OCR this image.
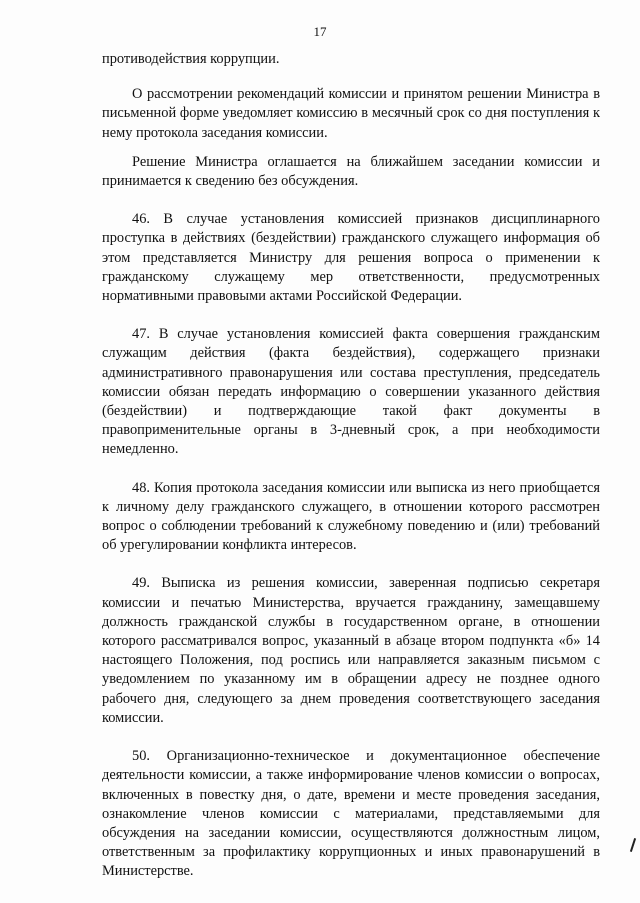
17

противодействия коррупции.

О рассмотрении рекомендаций комиссии и принятом решении Министра в письменной форме уведомляет комиссию в месячный срок со дня поступления к нему протокола заседания комиссии.

Решение Министра оглашается на ближайшем заседании комиссии и принимается к сведению без обсуждения.

46. В случае установления комиссией признаков дисциплинарного проступка в действиях (бездействии) гражданского служащего информация об этом представляется Министру для решения вопроса о применении к гражданскому служащему мер ответственности, предусмотренных нормативными правовыми актами Российской Федерации.

47. В случае установления комиссией факта совершения гражданским служащим действия (факта бездействия), содержащего признаки административного правонарушения или состава преступления, председатель комиссии обязан передать информацию о совершении указанного действия (бездействии) и подтверждающие такой факт документы в правоприменительные органы в 3-дневный срок, а при необходимости немедленно.

48. Копия протокола заседания комиссии или выписка из него приобщается к личному делу гражданского служащего, в отношении которого рассмотрен вопрос о соблюдении требований к служебному поведению и (или) требований об урегулировании конфликта интересов.

49. Выписка из решения комиссии, заверенная подписью секретаря комиссии и печатью Министерства, вручается гражданину, замещавшему должность гражданской службы в государственном органе, в отношении которого рассматривался вопрос, указанный в абзаце втором подпункта «б» 14 настоящего Положения, под роспись или направляется заказным письмом с уведомлением по указанному им в обращении адресу не позднее одного рабочего дня, следующего за днем проведения соответствующего заседания комиссии.

50. Организационно-техническое и документационное обеспечение деятельности комиссии, а также информирование членов комиссии о вопросах, включенных в повестку дня, о дате, времени и месте проведения заседания, ознакомление членов комиссии с материалами, представляемыми для обсуждения на заседании комиссии, осуществляются должностным лицом, ответственным за профилактику коррупционных и иных правонарушений в Министерстве.
